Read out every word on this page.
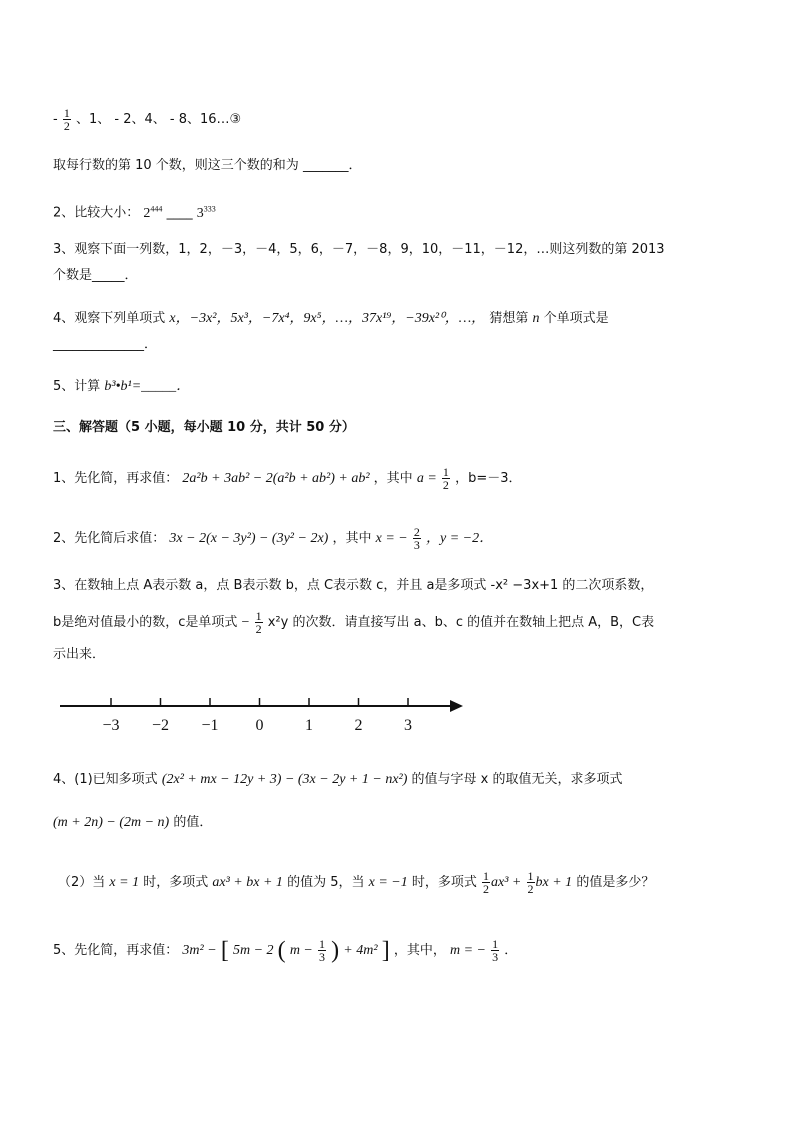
- $\frac{1}{2}$ 、1、 - 2、4、 - 8、16…③
取每行数的第 10 个数，则这三个数的和为 _______．
2、比较大小： $2^{444}$ ____ $3^{333}$
3、观察下面一列数，1，2，－3，－4，5，6，－7，－8，9，10，－11，－12，…则这列数的第 2013
个数是_____．
4、观察下列单项式 x，−3x²，5x³，−7x⁴，9x⁵，…，37x¹⁹，−39x²⁰，…， 猜想第 n 个单项式是
______________．
5、计算 b³•b¹=_____．
三、解答题（5 小题，每小题 10 分，共计 50 分）
1、先化简，再求值： 2a²b + 3ab² − 2(a²b + ab²) + ab² ，其中 $a = \frac{1}{2}$ ，b=－3．
2、先化简后求值： 3x − 2(x − 3y²) − (3y² − 2x) ，其中 x = − $\frac{2}{3}$ ，y = −2．
3、在数轴上点 A表示数 a，点 B表示数 b，点 C表示数 c，并且 a是多项式 -x² −3x+1 的二次项系数，
b是绝对值最小的数，c是单项式 − $\frac{1}{2} x^2y$ 的次数．请直接写出 a、b、c 的值并在数轴上把点 A，B，C表
示出来．
−3 −2 −1 0	1	2	3
4、(1)已知多项式 (2x² + mx − 12y + 3) − (3x − 2y + 1 − nx²) 的值与字母 x 的取值无关，求多项式
(m + 2n) − (2m − n) 的值．
（2）当 x = 1 时，多项式 ax³ + bx + 1 的值为 5，当 x = −1 时，多项式 $\frac{1}{2} ax^3 + \frac{1}{2}$ bx + 1 的值是多少？
5、先化简，再求值： 3m² − [ 5m − 2 ( $m - \frac{1}{3}$ ) + 4m² ] ，其中， m = − $\frac{1}{3}$ ．
